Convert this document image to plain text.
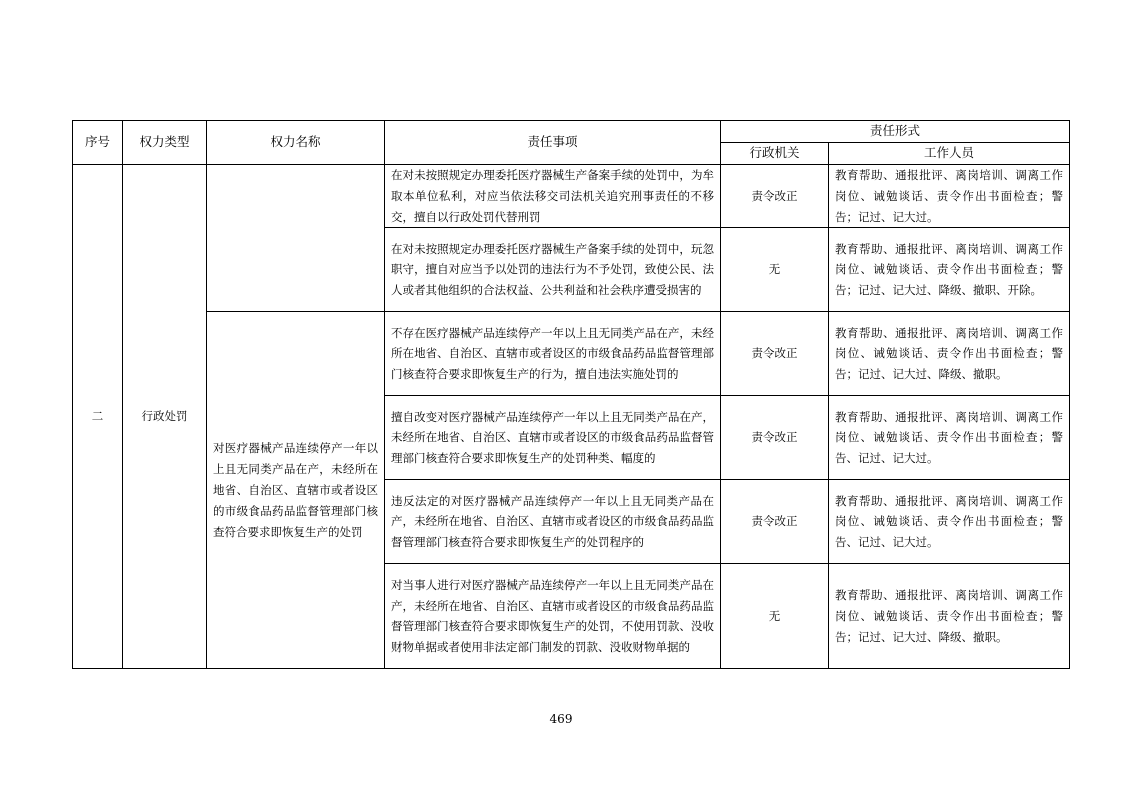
序号	权力类型	权力名称	责任事项	责任形式	
				行政机关	工作人员
二	行政处罚		在对未按照规定办理委托医疗器械生产备案手续的处罚中，为牟取本单位私利，对应当依法移交司法机关追究刑事责任的不移交，擅自以行政处罚代替刑罚	责令改正	教育帮助、通报批评、离岗培训、调离工作岗位、诫勉谈话、责令作出书面检查；警告；记过、记大过。
			在对未按照规定办理委托医疗器械生产备案手续的处罚中，玩忽职守，擅自对应当予以处罚的违法行为不予处罚，致使公民、法人或者其他组织的合法权益、公共利益和社会秩序遭受损害的	无	教育帮助、通报批评、离岗培训、调离工作岗位、诫勉谈话、责令作出书面检查；警告；记过、记大过、降级、撤职、开除。
		对医疗器械产品连续停产一年以上且无同类产品在产，未经所在地省、自治区、直辖市或者设区的市级食品药品监督管理部门核查符合要求即恢复生产的处罚	不存在医疗器械产品连续停产一年以上且无同类产品在产，未经所在地省、自治区、直辖市或者设区的市级食品药品监督管理部门核查符合要求即恢复生产的行为，擅自违法实施处罚的	责令改正	教育帮助、通报批评、离岗培训、调离工作岗位、诫勉谈话、责令作出书面检查；警告；记过、记大过、降级、撤职。
			擅自改变对医疗器械产品连续停产一年以上且无同类产品在产，未经所在地省、自治区、直辖市或者设区的市级食品药品监督管理部门核查符合要求即恢复生产的处罚种类、幅度的	责令改正	教育帮助、通报批评、离岗培训、调离工作岗位、诫勉谈话、责令作出书面检查；警告、记过、记大过。
			违反法定的对医疗器械产品连续停产一年以上且无同类产品在产，未经所在地省、自治区、直辖市或者设区的市级食品药品监督管理部门核查符合要求即恢复生产的处罚程序的	责令改正	教育帮助、通报批评、离岗培训、调离工作岗位、诫勉谈话、责令作出书面检查；警告、记过、记大过。
			对当事人进行对医疗器械产品连续停产一年以上且无同类产品在产，未经所在地省、自治区、直辖市或者设区的市级食品药品监督管理部门核查符合要求即恢复生产的处罚，不使用罚款、没收财物单据或者使用非法定部门制发的罚款、没收财物单据的	无	教育帮助、通报批评、离岗培训、调离工作岗位、诫勉谈话、责令作出书面检查；警告；记过、记大过、降级、撤职。
469
